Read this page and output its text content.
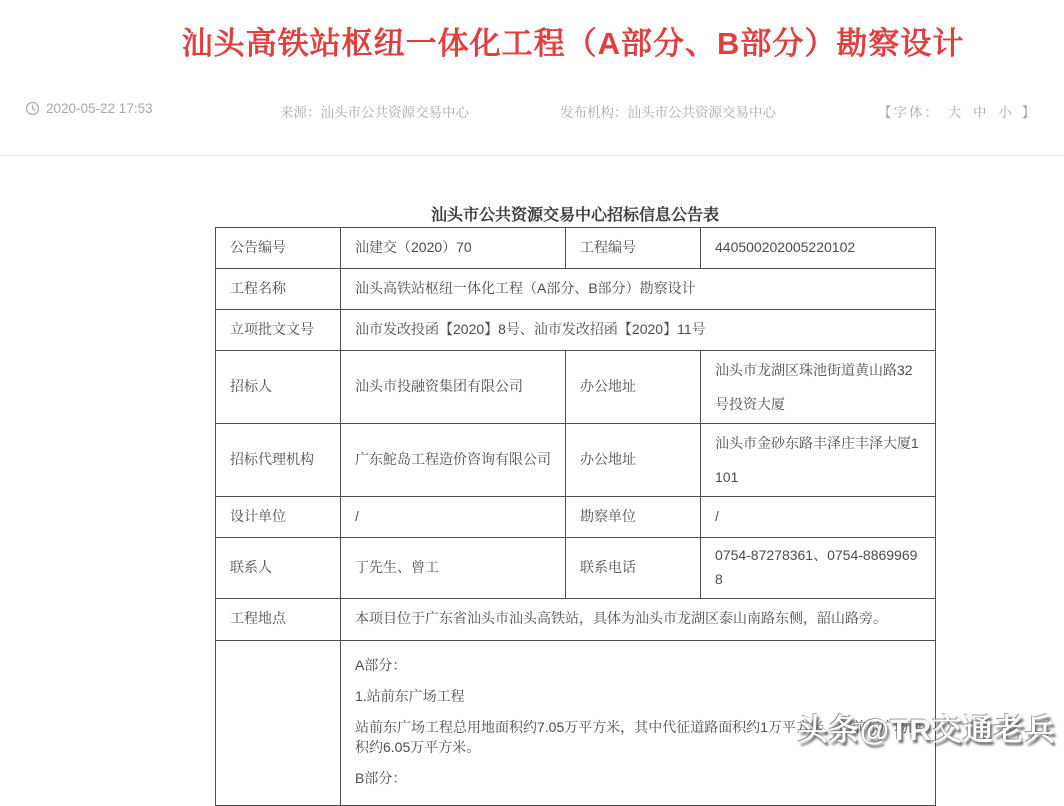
汕头高铁站枢纽一体化工程（A部分、B部分）勘察设计
2020-05-22 17:53	来源：汕头市公共资源交易中心	发布机构：汕头市公共资源交易中心	【字体： 大 中 小 】
汕头市公共资源交易中心招标信息公告表
公告编号	汕建交（2020）70	工程编号	440500202005220102
工程名称	汕头高铁站枢纽一体化工程（A部分、B部分）勘察设计		
立项批文文号	汕市发改投函【2020】8号、汕市发改招函【2020】11号		
招标人	汕头市投融资集团有限公司	办公地址	汕头市龙湖区珠池街道黄山路32号投资大厦
招标代理机构	广东鮀岛工程造价咨询有限公司	办公地址	汕头市金砂东路丰泽庄丰泽大厦1101
设计单位	/	勘察单位	/
联系人	丁先生、曾工	联系电话	0754-87278361、0754-88699698
工程地点	本项目位于广东省汕头市汕头高铁站，具体为汕头市龙湖区泰山南路东侧，韶山路旁。		

	A部分：

1.站前东广场工程

站前东广场工程总用地面积约7.05万平方米，其中代征道路面积约1万平方米，站前东广场面积约6.05万平方米。

B部分：		

头条@TR交通老兵
